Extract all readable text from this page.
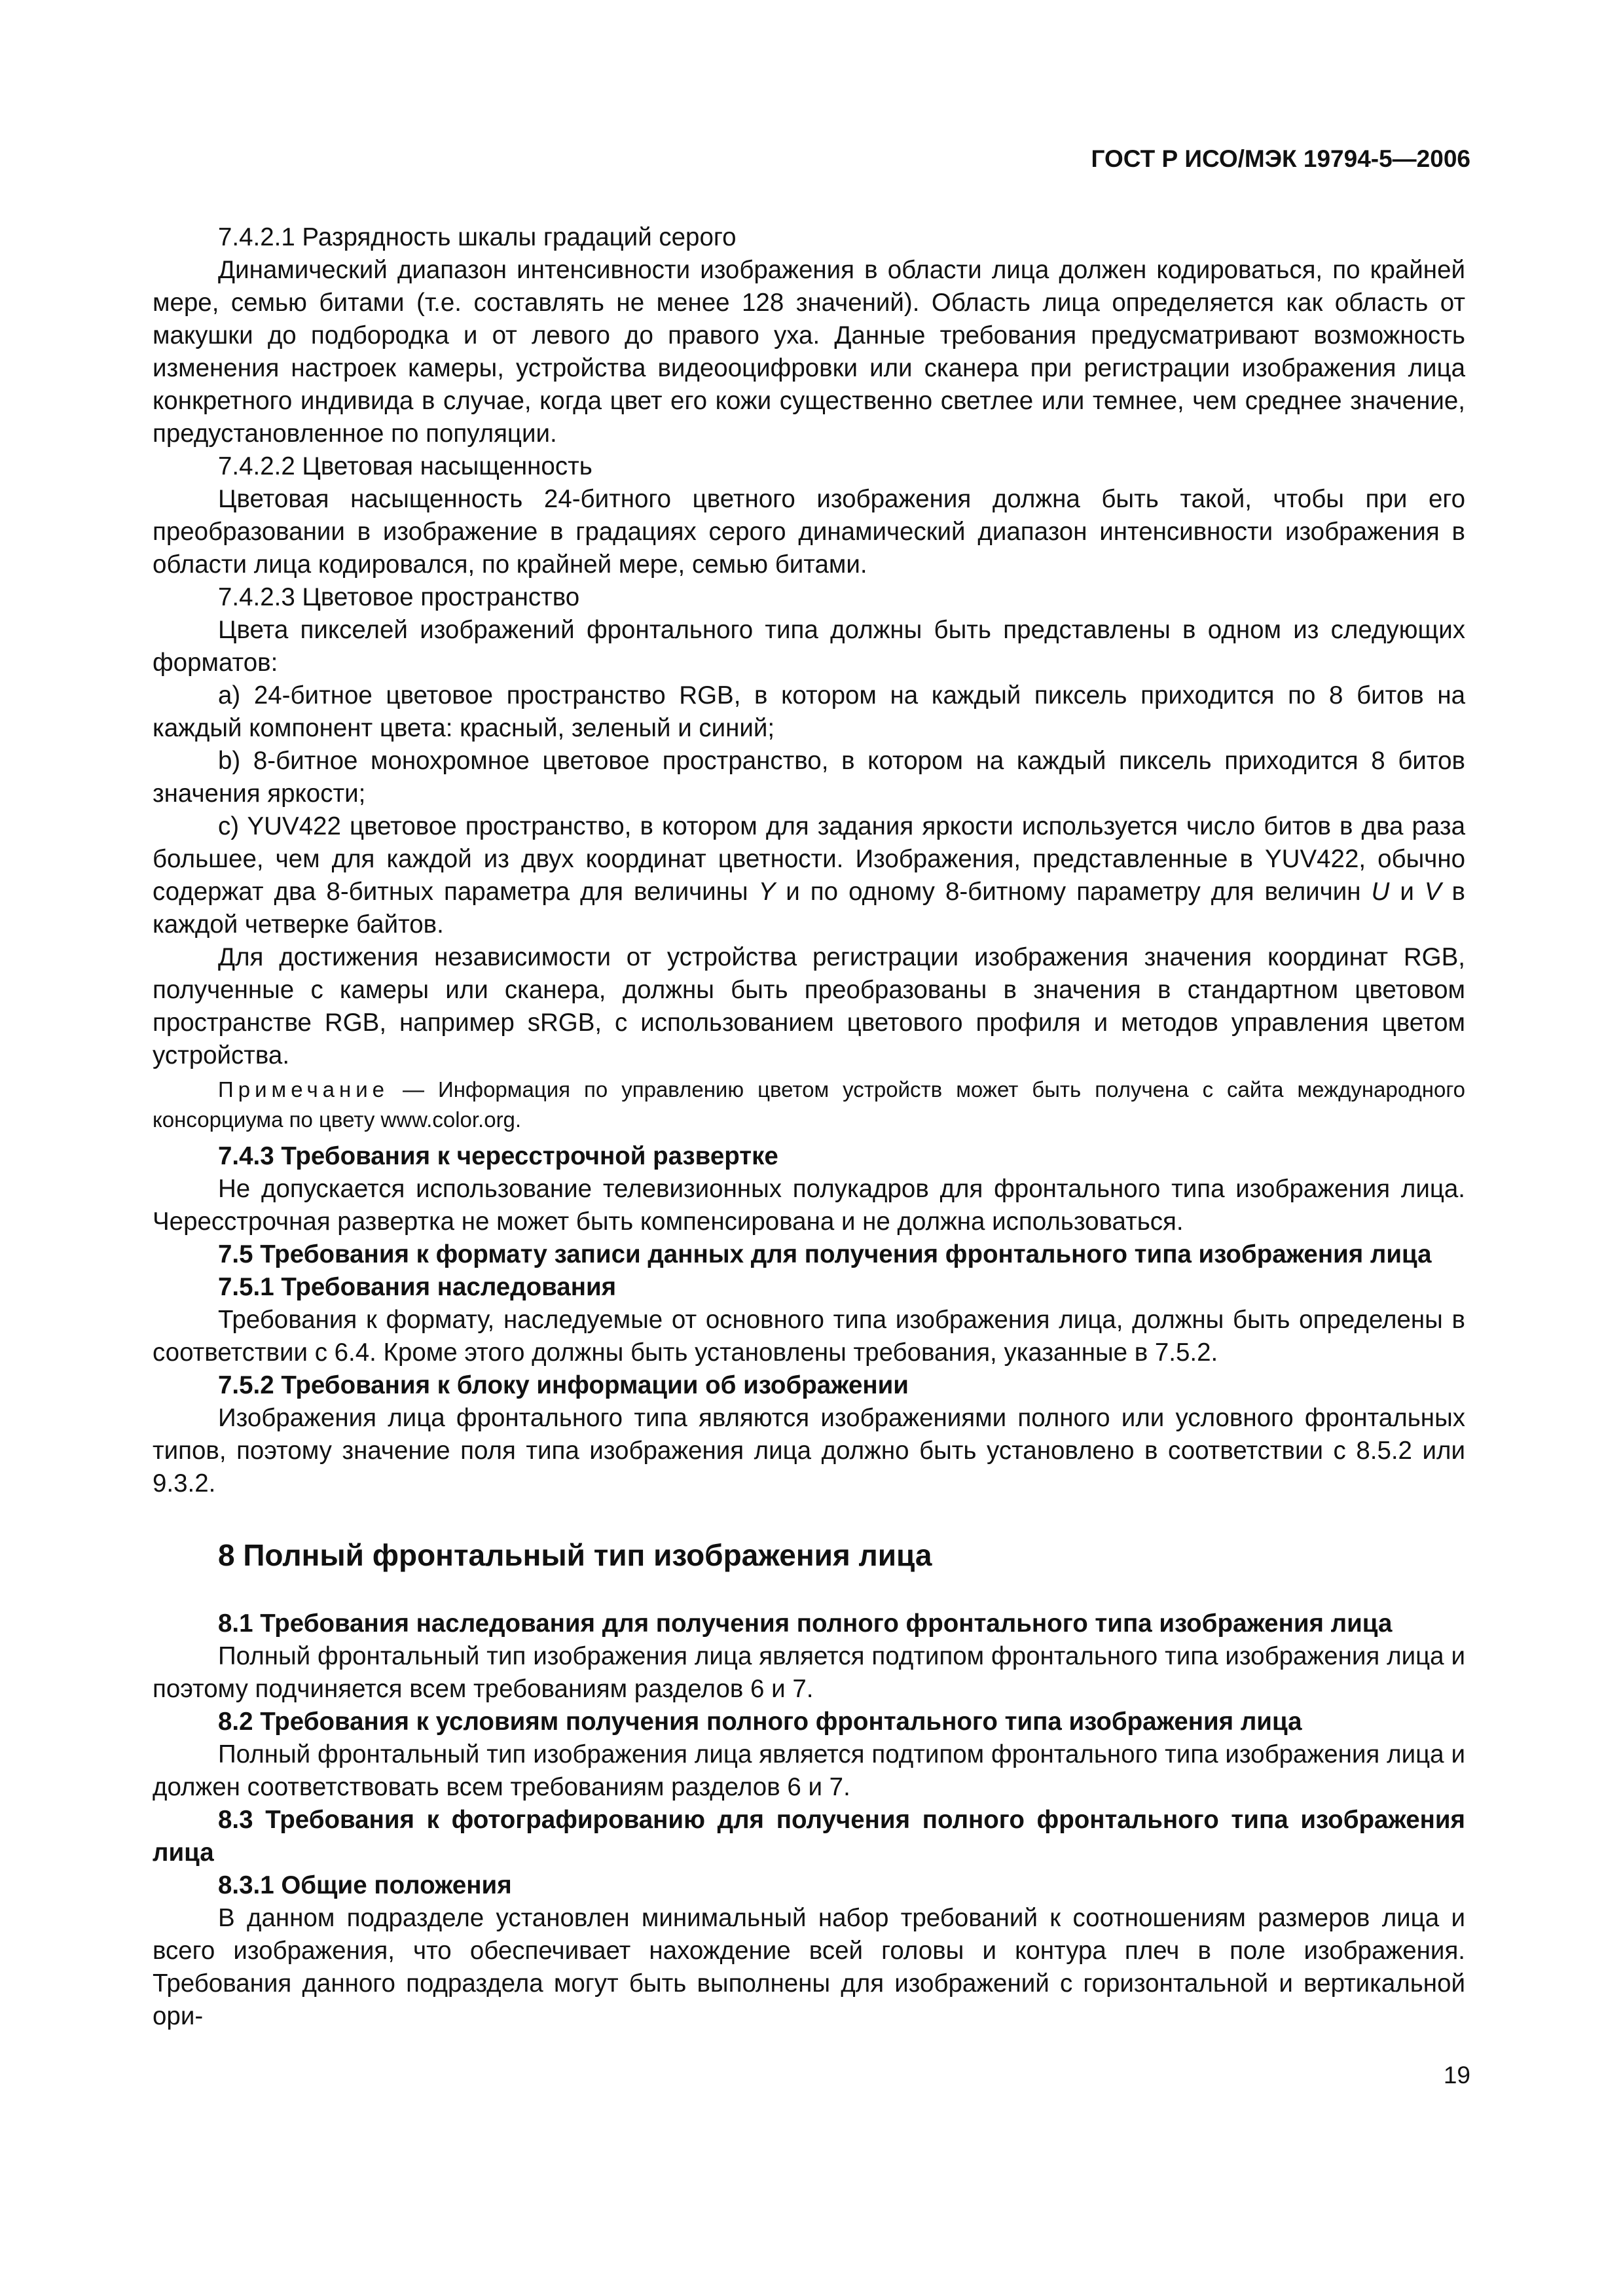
ГОСТ Р ИСО/МЭК 19794-5—2006

7.4.2.1 Разрядность шкалы градаций серого

Динамический диапазон интенсивности изображения в области лица должен кодироваться, по крайней мере, семью битами (т.е. составлять не менее 128 значений). Область лица определяется как область от макушки до подбородка и от левого до правого уха. Данные требования предусматривают возможность изменения настроек камеры, устройства видеооцифровки или сканера при регистрации изображения лица конкретного индивида в случае, когда цвет его кожи существенно светлее или темнее, чем среднее значение, предустановленное по популяции.

7.4.2.2 Цветовая насыщенность

Цветовая насыщенность 24-битного цветного изображения должна быть такой, чтобы при его преобразовании в изображение в градациях серого динамический диапазон интенсивности изображения в области лица кодировался, по крайней мере, семью битами.

7.4.2.3 Цветовое пространство

Цвета пикселей изображений фронтального типа должны быть представлены в одном из следующих форматов:

a) 24-битное цветовое пространство RGB, в котором на каждый пиксель приходится по 8 битов на каждый компонент цвета: красный, зеленый и синий;

b) 8-битное монохромное цветовое пространство, в котором на каждый пиксель приходится 8 битов значения яркости;

c) YUV422 цветовое пространство, в котором для задания яркости используется число битов в два раза большее, чем для каждой из двух координат цветности. Изображения, представленные в YUV422, обычно содержат два 8-битных параметра для величины Y и по одному 8-битному параметру для величин U и V в каждой четверке байтов.

Для достижения независимости от устройства регистрации изображения значения координат RGB, полученные с камеры или сканера, должны быть преобразованы в значения в стандартном цветовом пространстве RGB, например sRGB, с использованием цветового профиля и методов управления цветом устройства.

Примечание — Информация по управлению цветом устройств может быть получена с сайта международного консорциума по цвету www.color.org.

7.4.3 Требования к чересстрочной развертке

Не допускается использование телевизионных полукадров для фронтального типа изображения лица. Чересстрочная развертка не может быть компенсирована и не должна использоваться.

7.5 Требования к формату записи данных для получения фронтального типа изображения лица

7.5.1 Требования наследования

Требования к формату, наследуемые от основного типа изображения лица, должны быть определены в соответствии с 6.4. Кроме этого должны быть установлены требования, указанные в 7.5.2.

7.5.2 Требования к блоку информации об изображении

Изображения лица фронтального типа являются изображениями полного или условного фронтальных типов, поэтому значение поля типа изображения лица должно быть установлено в соответствии с 8.5.2 или 9.3.2.

8 Полный фронтальный тип изображения лица

8.1 Требования наследования для получения полного фронтального типа изображения лица

Полный фронтальный тип изображения лица является подтипом фронтального типа изображения лица и поэтому подчиняется всем требованиям разделов 6 и 7.

8.2 Требования к условиям получения полного фронтального типа изображения лица

Полный фронтальный тип изображения лица является подтипом фронтального типа изображения лица и должен соответствовать всем требованиям разделов 6 и 7.

8.3 Требования к фотографированию для получения полного фронтального типа изображения лица

8.3.1 Общие положения

В данном подразделе установлен минимальный набор требований к соотношениям размеров лица и всего изображения, что обеспечивает нахождение всей головы и контура плеч в поле изображения. Требования данного подраздела могут быть выполнены для изображений с горизонтальной и вертикальной ори-

19
